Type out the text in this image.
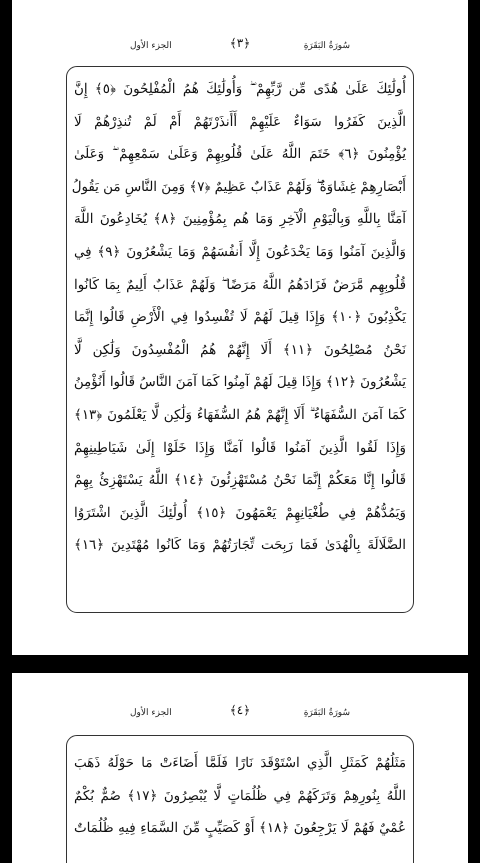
سُورَةُ البَقَرَةِ
﴿٣﴾
الجزء الأول
أُولَٰئِكَ عَلَىٰ هُدًى مِّن رَّبِّهِمْ ۖ وَأُولَٰئِكَ هُمُ الْمُفْلِحُونَ ﴿٥﴾ إِنَّ
الَّذِينَ كَفَرُوا سَوَاءٌ عَلَيْهِمْ أَأَنذَرْتَهُمْ أَمْ لَمْ تُنذِرْهُمْ لَا
يُؤْمِنُونَ ﴿٦﴾ خَتَمَ اللَّهُ عَلَىٰ قُلُوبِهِمْ وَعَلَىٰ سَمْعِهِمْ ۖ وَعَلَىٰ
أَبْصَارِهِمْ غِشَاوَةٌ ۖ وَلَهُمْ عَذَابٌ عَظِيمٌ ﴿٧﴾ وَمِنَ النَّاسِ مَن يَقُولُ
آمَنَّا بِاللَّهِ وَبِالْيَوْمِ الْآخِرِ وَمَا هُم بِمُؤْمِنِينَ ﴿٨﴾ يُخَادِعُونَ اللَّهَ
وَالَّذِينَ آمَنُوا وَمَا يَخْدَعُونَ إِلَّا أَنفُسَهُمْ وَمَا يَشْعُرُونَ ﴿٩﴾ فِي
قُلُوبِهِم مَّرَضٌ فَزَادَهُمُ اللَّهُ مَرَضًا ۖ وَلَهُمْ عَذَابٌ أَلِيمٌ بِمَا كَانُوا
يَكْذِبُونَ ﴿١٠﴾ وَإِذَا قِيلَ لَهُمْ لَا تُفْسِدُوا فِي الْأَرْضِ قَالُوا إِنَّمَا
نَحْنُ مُصْلِحُونَ ﴿١١﴾ أَلَا إِنَّهُمْ هُمُ الْمُفْسِدُونَ وَلَٰكِن لَّا
يَشْعُرُونَ ﴿١٢﴾ وَإِذَا قِيلَ لَهُمْ آمِنُوا كَمَا آمَنَ النَّاسُ قَالُوا أَنُؤْمِنُ
كَمَا آمَنَ السُّفَهَاءُ ۗ أَلَا إِنَّهُمْ هُمُ السُّفَهَاءُ وَلَٰكِن لَّا يَعْلَمُونَ ﴿١٣﴾
وَإِذَا لَقُوا الَّذِينَ آمَنُوا قَالُوا آمَنَّا وَإِذَا خَلَوْا إِلَىٰ شَيَاطِينِهِمْ
قَالُوا إِنَّا مَعَكُمْ إِنَّمَا نَحْنُ مُسْتَهْزِئُونَ ﴿١٤﴾ اللَّهُ يَسْتَهْزِئُ بِهِمْ
وَيَمُدُّهُمْ فِي طُغْيَانِهِمْ يَعْمَهُونَ ﴿١٥﴾ أُولَٰئِكَ الَّذِينَ اشْتَرَوُا
الضَّلَالَةَ بِالْهُدَىٰ فَمَا رَبِحَت تِّجَارَتُهُمْ وَمَا كَانُوا مُهْتَدِينَ ﴿١٦﴾
سُورَةُ البَقَرَةِ
﴿٤﴾
الجزء الأول
مَثَلُهُمْ كَمَثَلِ الَّذِي اسْتَوْقَدَ نَارًا فَلَمَّا أَضَاءَتْ مَا حَوْلَهُ ذَهَبَ
اللَّهُ بِنُورِهِمْ وَتَرَكَهُمْ فِي ظُلُمَاتٍ لَّا يُبْصِرُونَ ﴿١٧﴾ صُمٌّ بُكْمٌ
عُمْيٌ فَهُمْ لَا يَرْجِعُونَ ﴿١٨﴾ أَوْ كَصَيِّبٍ مِّنَ السَّمَاءِ فِيهِ ظُلُمَاتٌ
